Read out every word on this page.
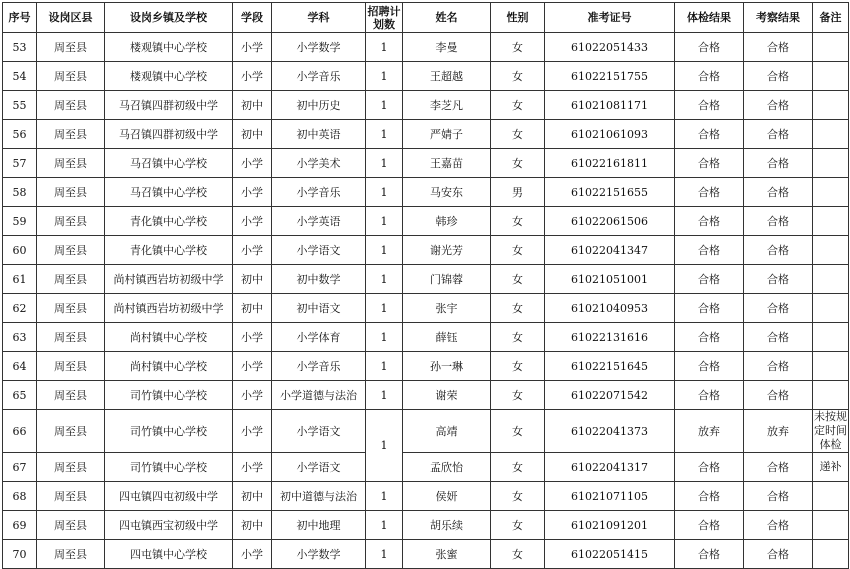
序号	设岗区县	设岗乡镇及学校	学段	学科	招聘计划数	姓名	性别	准考证号	体检结果	考察结果	备注
53	周至县	楼观镇中心学校	小学	小学数学	1	李曼	女	61022051433	合格	合格	
54	周至县	楼观镇中心学校	小学	小学音乐	1	王超越	女	61022151755	合格	合格	
55	周至县	马召镇四群初级中学	初中	初中历史	1	李芝凡	女	61021081171	合格	合格	
56	周至县	马召镇四群初级中学	初中	初中英语	1	严婧子	女	61021061093	合格	合格	
57	周至县	马召镇中心学校	小学	小学美术	1	王嘉苗	女	61022161811	合格	合格	
58	周至县	马召镇中心学校	小学	小学音乐	1	马安东	男	61022151655	合格	合格	
59	周至县	青化镇中心学校	小学	小学英语	1	韩珍	女	61022061506	合格	合格	
60	周至县	青化镇中心学校	小学	小学语文	1	谢光芳	女	61022041347	合格	合格	
61	周至县	尚村镇西岩坊初级中学	初中	初中数学	1	门锦蓉	女	61021051001	合格	合格	
62	周至县	尚村镇西岩坊初级中学	初中	初中语文	1	张宇	女	61021040953	合格	合格	
63	周至县	尚村镇中心学校	小学	小学体育	1	薛钰	女	61022131616	合格	合格	
64	周至县	尚村镇中心学校	小学	小学音乐	1	孙一琳	女	61022151645	合格	合格	
65	周至县	司竹镇中心学校	小学	小学道德与法治	1	谢荣	女	61022071542	合格	合格	
66	周至县	司竹镇中心学校	小学	小学语文	1	高靖	女	61022041373	放弃	放弃	未按规定时间体检
67	周至县	司竹镇中心学校	小学	小学语文		孟欣怡	女	61022041317	合格	合格	递补
68	周至县	四屯镇四屯初级中学	初中	初中道德与法治	1	侯妍	女	61021071105	合格	合格	
69	周至县	四屯镇西宝初级中学	初中	初中地理	1	胡乐续	女	61021091201	合格	合格	
70	周至县	四屯镇中心学校	小学	小学数学	1	张蜜	女	61022051415	合格	合格	
